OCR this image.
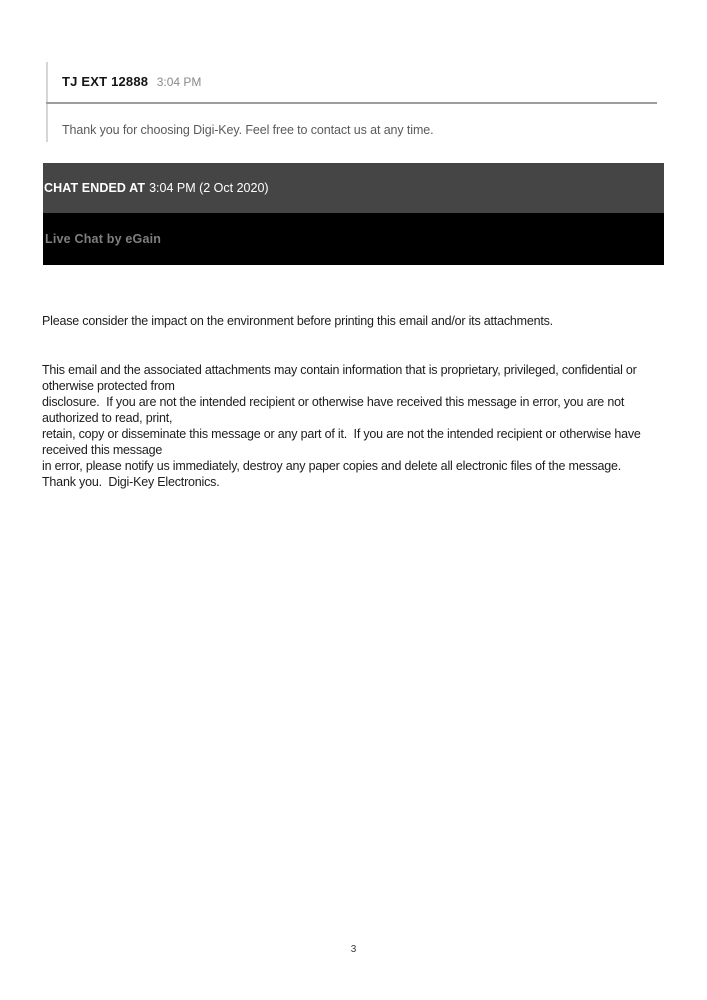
TJ EXT 12888 3:04 PM
Thank you for choosing Digi-Key. Feel free to contact us at any time.
CHAT ENDED AT 3:04 PM (2 Oct 2020)
Live Chat by eGain
Please consider the impact on the environment before printing this email and/or its attachments.
This email and the associated attachments may contain information that is proprietary, privileged, confidential or
otherwise protected from
disclosure.  If you are not the intended recipient or otherwise have received this message in error, you are not
authorized to read, print,
retain, copy or disseminate this message or any part of it.  If you are not the intended recipient or otherwise have
received this message
in error, please notify us immediately, destroy any paper copies and delete all electronic files of the message.
Thank you.  Digi-Key Electronics.
3
